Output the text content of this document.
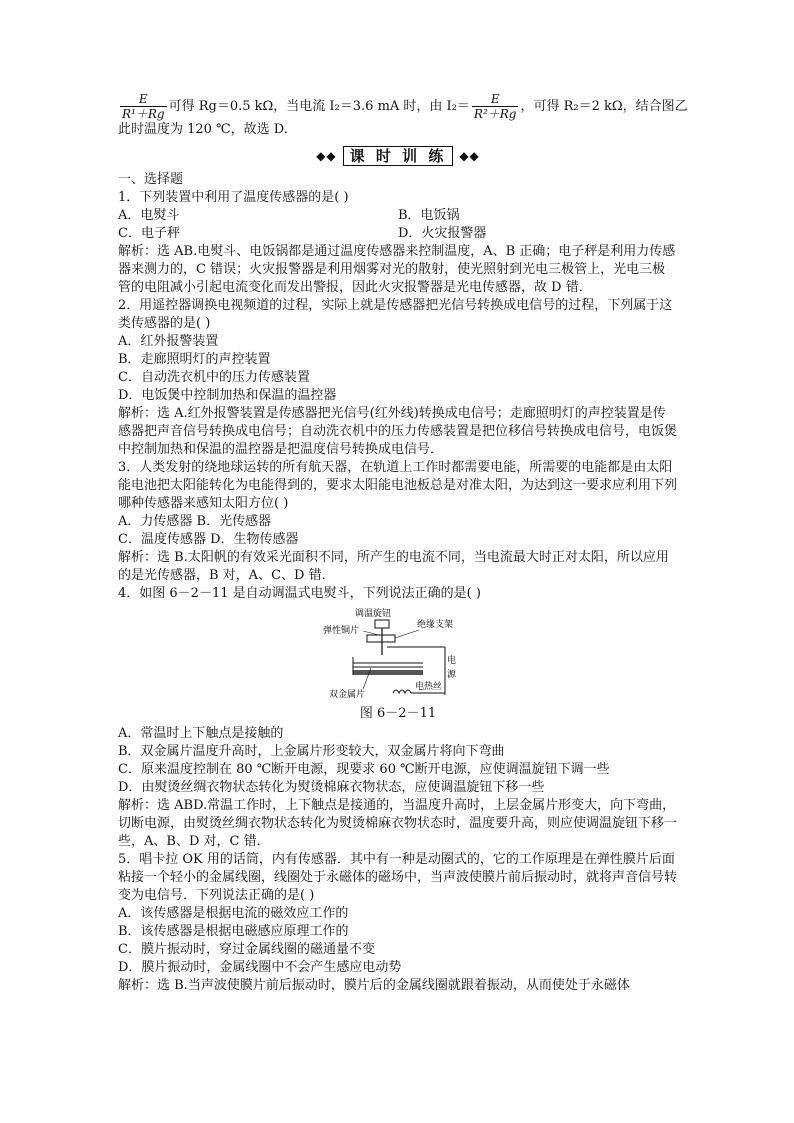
$\frac{E}{\text{R¹＋Rg}}$ 可得 Rg＝0.5 kΩ，当电流 I₂＝3.6 mA 时，由 $I_2= \frac{E}{\text{R²＋Rg}}$ ，可得 R₂＝2 kΩ，结合图乙

此时温度为 120 ℃，故选 D.

◆◆ 课 时 训 练	◆◆

一、选择题

1．下列装置中利用了温度传感器的是( )

A．电熨斗	B．电饭锅
C．电子秤	D．火灾报警器

解析：选 AB.电熨斗、电饭锅都是通过温度传感器来控制温度，A、B 正确；电子秤是利用力传感器来测力的，C 错误；火灾报警器是利用烟雾对光的散射，使光照射到光电三极管上，光电三极管的电阻减小引起电流变化而发出警报，因此火灾报警器是光电传感器，故 D 错．

2．用遥控器调换电视频道的过程，实际上就是传感器把光信号转换成电信号的过程，下列属于这类传感器的是( )

A．红外报警装置

B．走廊照明灯的声控装置

C．自动洗衣机中的压力传感装置

D．电饭煲中控制加热和保温的温控器

解析：选 A.红外报警装置是传感器把光信号(红外线)转换成电信号；走廊照明灯的声控装置是传感器把声音信号转换成电信号；自动洗衣机中的压力传感装置是把位移信号转换成电信号，电饭煲中控制加热和保温的温控器是把温度信号转换成电信号．

3．人类发射的绕地球运转的所有航天器，在轨道上工作时都需要电能，所需要的电能都是由太阳能电池把太阳能转化为电能得到的，要求太阳能电池板总是对准太阳，为达到这一要求应利用下列哪种传感器来感知太阳方位( )

A．力传感器 B．光传感器

C．温度传感器 D．生物传感器

解析：选 B.太阳帆的有效采光面积不同，所产生的电流不同，当电流最大时正对太阳，所以应用的是光传感器，B 对，A、C、D 错．

4．如图 6－2－11 是自动调温式电熨斗，下列说法正确的是( )

调温旋钮
弹性铜片
绝缘支架
电
源
双金属片
电热丝

图 6－2－11

A．常温时上下触点是接触的

B．双金属片温度升高时，上金属片形变较大，双金属片将向下弯曲

C．原来温度控制在 80 ℃断开电源，现要求 60 ℃断开电源，应使调温旋钮下调一些

D．由熨烫丝绸衣物状态转化为熨烫棉麻衣物状态，应使调温旋钮下移一些

解析：选 ABD.常温工作时，上下触点是接通的，当温度升高时，上层金属片形变大，向下弯曲，切断电源，由熨烫丝绸衣物状态转化为熨烫棉麻衣物状态时，温度要升高，则应使调温旋钮下移一些，A、B、D 对，C 错．

5．唱卡拉 OK 用的话筒，内有传感器．其中有一种是动圈式的，它的工作原理是在弹性膜片后面粘接一个轻小的金属线圈，线圈处于永磁体的磁场中，当声波使膜片前后振动时，就将声音信号转变为电信号．下列说法正确的是( )

A．该传感器是根据电流的磁效应工作的

B．该传感器是根据电磁感应原理工作的

C．膜片振动时，穿过金属线圈的磁通量不变

D．膜片振动时，金属线圈中不会产生感应电动势

解析：选 B.当声波使膜片前后振动时，膜片后的金属线圈就跟着振动，从而使处于永磁体
